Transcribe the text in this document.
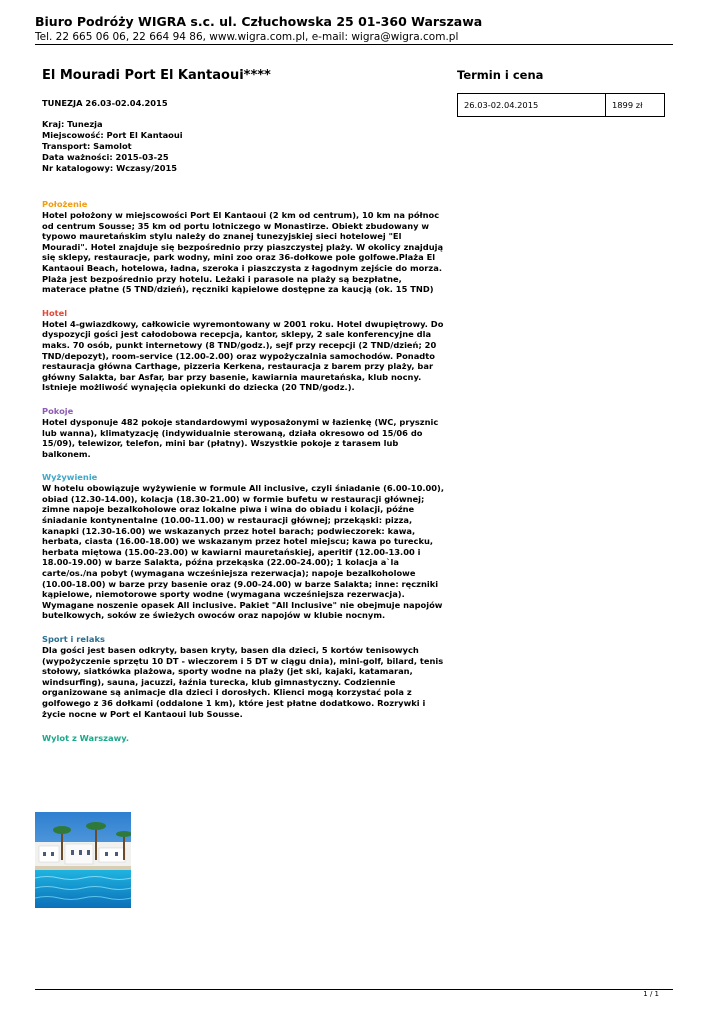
Biuro Podróży WIGRA s.c. ul. Człuchowska 25 01-360 Warszawa
Tel. 22 665 06 06, 22 664 94 86, www.wigra.com.pl, e-mail: wigra@wigra.com.pl
El Mouradi Port El Kantaoui****
TUNEZJA 26.03-02.04.2015
Kraj: Tunezja
Miejscowość: Port El Kantaoui
Transport: Samolot
Data ważności: 2015-03-25
Nr katalogowy: Wczasy/2015
Położenie
Hotel położony w miejscowości Port El Kantaoui (2 km od centrum), 10 km na północ od centrum Sousse; 35 km od portu lotniczego w Monastirze. Obiekt zbudowany w typowo mauretańskim stylu należy do znanej tunezyjskiej sieci hotelowej "El Mouradi". Hotel znajduje się bezpośrednio przy piaszczystej plaży. W okolicy znajdują się sklepy, restauracje, park wodny, mini zoo oraz 36-dołkowe pole golfowe.Plaża El Kantaoui Beach, hotelowa, ładna, szeroka i piaszczysta z łagodnym zejście do morza. Plaża jest bezpośrednio przy hotelu. Leżaki i parasole na plaży są bezpłatne, materace płatne (5 TND/dzień), ręczniki kąpielowe dostępne za kaucją (ok. 15 TND)
Hotel
Hotel 4-gwiazdkowy, całkowicie wyremontowany w 2001 roku. Hotel dwupiętrowy. Do dyspozycji gości jest całodobowa recepcja, kantor, sklepy, 2 sale konferencyjne dla maks. 70 osób, punkt internetowy (8 TND/godz.), sejf przy recepcji (2 TND/dzień; 20 TND/depozyt), room-service (12.00-2.00) oraz wypożyczalnia samochodów. Ponadto restauracja główna Carthage, pizzeria Kerkena, restauracja z barem przy plaży, bar główny Salakta, bar Asfar, bar przy basenie, kawiarnia mauretańska, klub nocny. Istnieje możliwość wynajęcia opiekunki do dziecka (20 TND/godz.).
Pokoje
Hotel dysponuje 482 pokoje standardowymi wyposażonymi w łazienkę (WC, prysznic lub wanna), klimatyzację (indywidualnie sterowaną, działa okresowo od 15/06 do 15/09), telewizor, telefon, mini bar (płatny). Wszystkie pokoje z tarasem lub balkonem.
Wyżywienie
W hotelu obowiązuje wyżywienie w formule All inclusive, czyli śniadanie (6.00-10.00), obiad (12.30-14.00), kolacja (18.30-21.00) w formie bufetu w restauracji głównej; zimne napoje bezalkoholowe oraz lokalne piwa i wina do obiadu i kolacji, późne śniadanie kontynentalne (10.00-11.00) w restauracji głównej; przekąski: pizza, kanapki (12.30-16.00) we wskazanych przez hotel barach; podwieczorek: kawa, herbata, ciasta (16.00-18.00) we wskazanym przez hotel miejscu; kawa po turecku, herbata miętowa (15.00-23.00) w kawiarni mauretańskiej, aperitif (12.00-13.00 i 18.00-19.00) w barze Salakta, późna przekąska (22.00-24.00); 1 kolacja a`la carte/os./na pobyt (wymagana wcześniejsza rezerwacja); napoje bezalkoholowe (10.00-18.00) w barze przy basenie oraz (9.00-24.00) w barze Salakta; inne: ręczniki kąpielowe, niemotorowe sporty wodne (wymagana wcześniejsza rezerwacja). Wymagane noszenie opasek All inclusive. Pakiet "All Inclusive" nie obejmuje napojów butelkowych, soków ze świeżych owoców oraz napojów w klubie nocnym.
Sport i relaks
Dla gości jest basen odkryty, basen kryty, basen dla dzieci, 5 kortów tenisowych (wypożyczenie sprzętu 10 DT - wieczorem i 5 DT w ciągu dnia), mini-golf, bilard, tenis stołowy, siatkówka plażowa, sporty wodne na plaży (jet ski, kajaki, katamaran, windsurfing), sauna, jacuzzi, łaźnia turecka, klub gimnastyczny. Codziennie organizowane są animacje dla dzieci i dorosłych. Klienci mogą korzystać pola z golfowego z 36 dołkami (oddalone 1 km), które jest płatne dodatkowo. Rozrywki i życie nocne w Port el Kantaoui lub Sousse.
Wylot z Warszawy.
Termin i cena
26.03-02.04.2015	1899 zł
1 / 1
